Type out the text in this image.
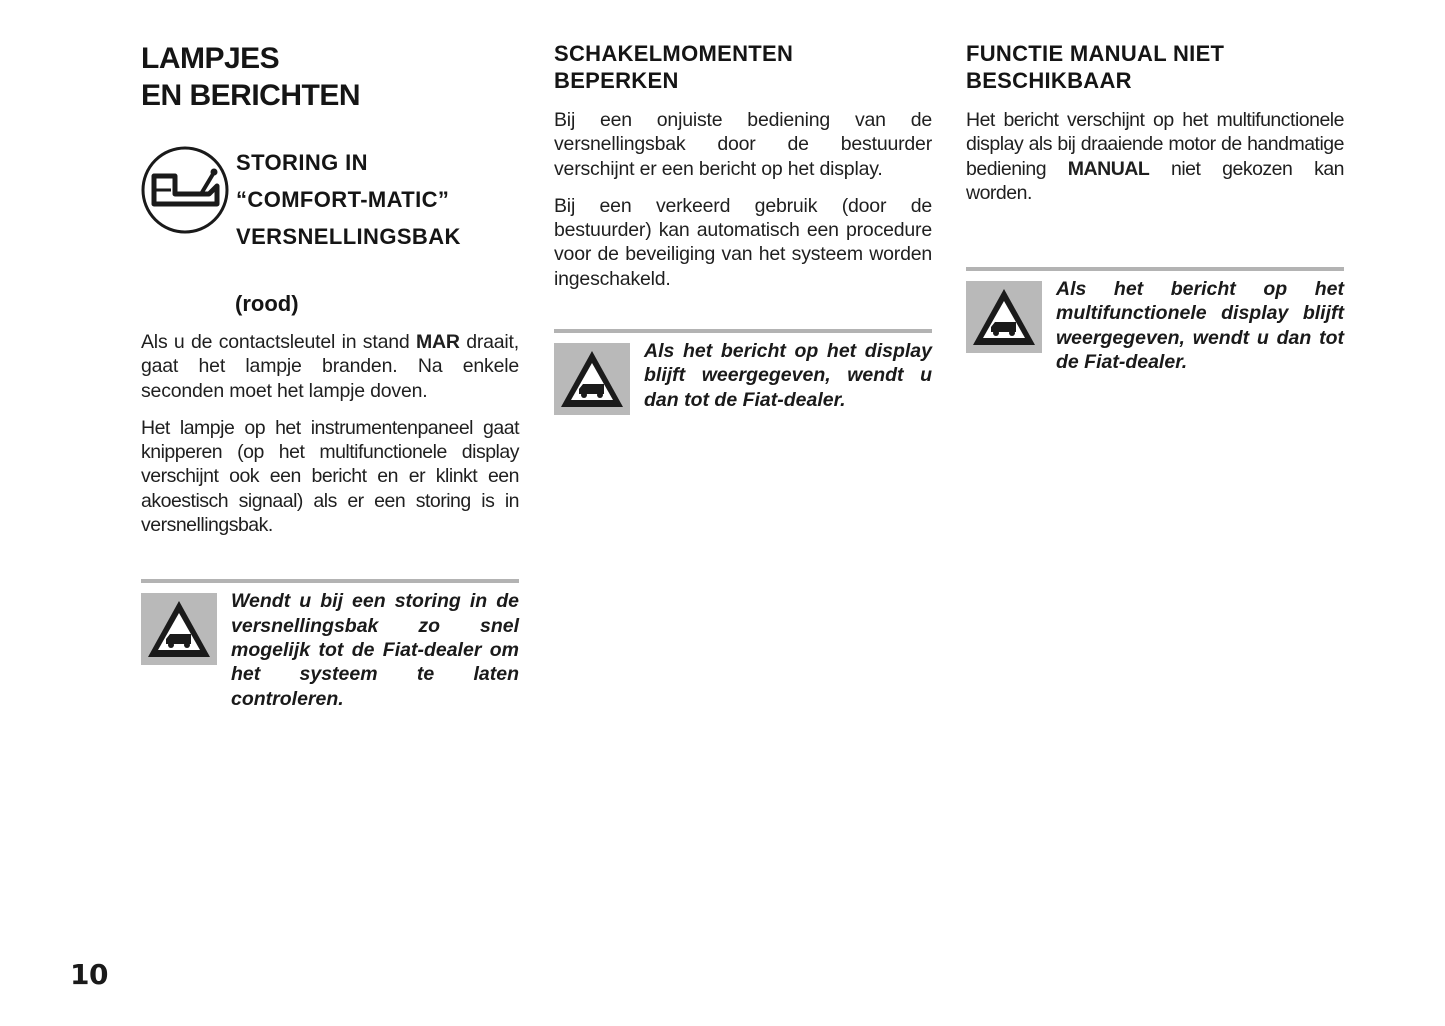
LAMPJES
EN BERICHTEN
STORING IN
“COMFORT-MATIC”
VERSNELLINGSBAK
(rood)

Als u de contactsleutel in stand MAR draait, gaat het lampje branden. Na enkele seconden moet het lampje doven.

Het lampje op het instrumentenpaneel gaat knipperen (op het multifunctionele display verschijnt ook een bericht en er klinkt een akoestisch signaal) als er een storing is in versnellingsbak.

Wendt u bij een storing in de versnellingsbak zo snel mogelijk tot de Fiat-dealer om het systeem te laten controleren.

SCHAKELMOMENTEN
BEPERKEN

Bij een onjuiste bediening van de versnellingsbak door de bestuurder verschijnt er een bericht op het display.

Bij een verkeerd gebruik (door de bestuurder) kan automatisch een procedure voor de beveiliging van het systeem worden ingeschakeld.

Als het bericht op het display blijft weergegeven, wendt u dan tot de Fiat-dealer.

FUNCTIE MANUAL NIET
BESCHIKBAAR

Het bericht verschijnt op het multifunctionele display als bij draaiende motor de handmatige bediening MANUAL niet gekozen kan worden.

Als het bericht op het multifunctionele display blijft weergegeven, wendt u dan tot de Fiat-dealer.

10
